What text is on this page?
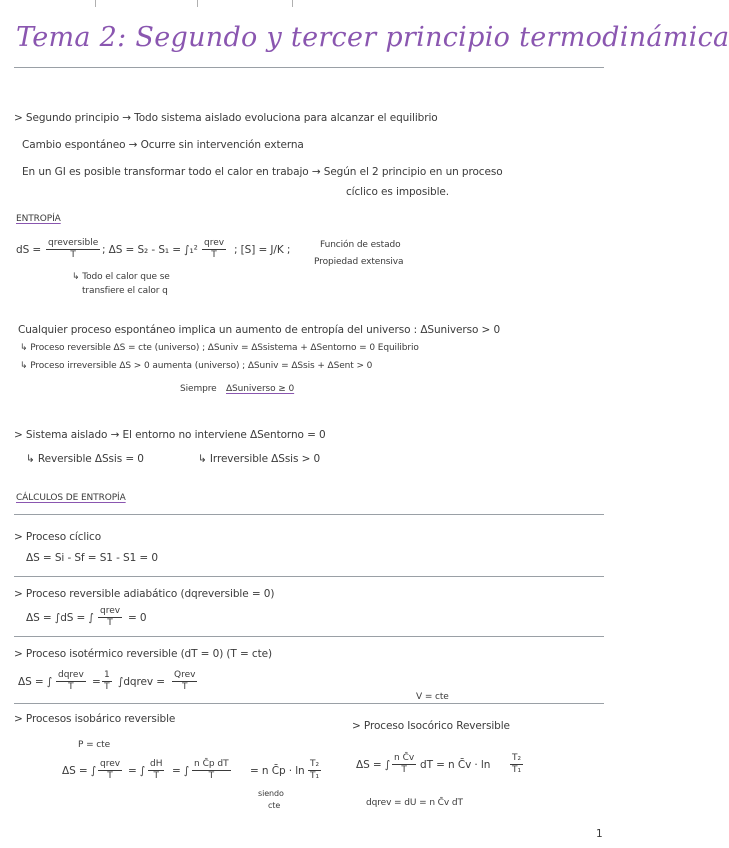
Tema 2: Segundo y tercer principio termodinámica
> Segundo principio → Todo sistema aislado evoluciona para alcanzar el equilibrio
Cambio espontáneo → Ocurre sin intervención externa
En un GI es posible transformar todo el calor en trabajo → Según el 2 principio en un proceso
cíclico es imposible.
ENTROPÍA
dS =
qreversible
T ; ΔS = S₂ - S₁ = ∫₁²
qrev
T ; [S] = J/K ;	Función de estado
Propiedad extensiva
↳ Todo el calor que se
transfiere el calor q
Cualquier proceso espontáneo implica un aumento de entropía del universo : ΔSuniverso > 0
↳ Proceso reversible ΔS = cte (universo) ; ΔSuniv = ΔSsistema + ΔSentorno = 0 Equilibrio
↳ Proceso irreversible ΔS > 0 aumenta (universo) ; ΔSuniv = ΔSsis + ΔSent > 0
Siempre ΔSuniverso ≥ 0
> Sistema aislado → El entorno no interviene ΔSentorno = 0
↳ Reversible ΔSsis = 0	↳ Irreversible ΔSsis > 0
CÁLCULOS DE ENTROPÍA
> Proceso cíclico
ΔS = Si - Sf = S1 - S1 = 0
> Proceso reversible adiabático (dqreversible = 0)
ΔS = ∫dS = ∫
qrev
T = 0
> Proceso isotérmico reversible (dT = 0) (T = cte)
ΔS = ∫
dqrev
$T = \frac{1}{T}$ ∫dqrev =
Qrev
T
> Procesos isobárico reversible
P = cte
ΔS = ∫
qrev
T = ∫ $\frac{dH}{T}$ = ∫ $\frac{\text{n C̄p dT}}{T} = n$ C̄p · $\ln \frac{\text{T₂}}{\text{T₁}}$
siendo
cte
V = cte
> Proceso Isocórico Reversible
ΔS = ∫ $\frac{\text{n C̄v}}{T}$ dT = n C̄v · $\ln \frac{\text{T₂}}{\text{T₁}}$
dqrev = dU = n C̄v dT
1
